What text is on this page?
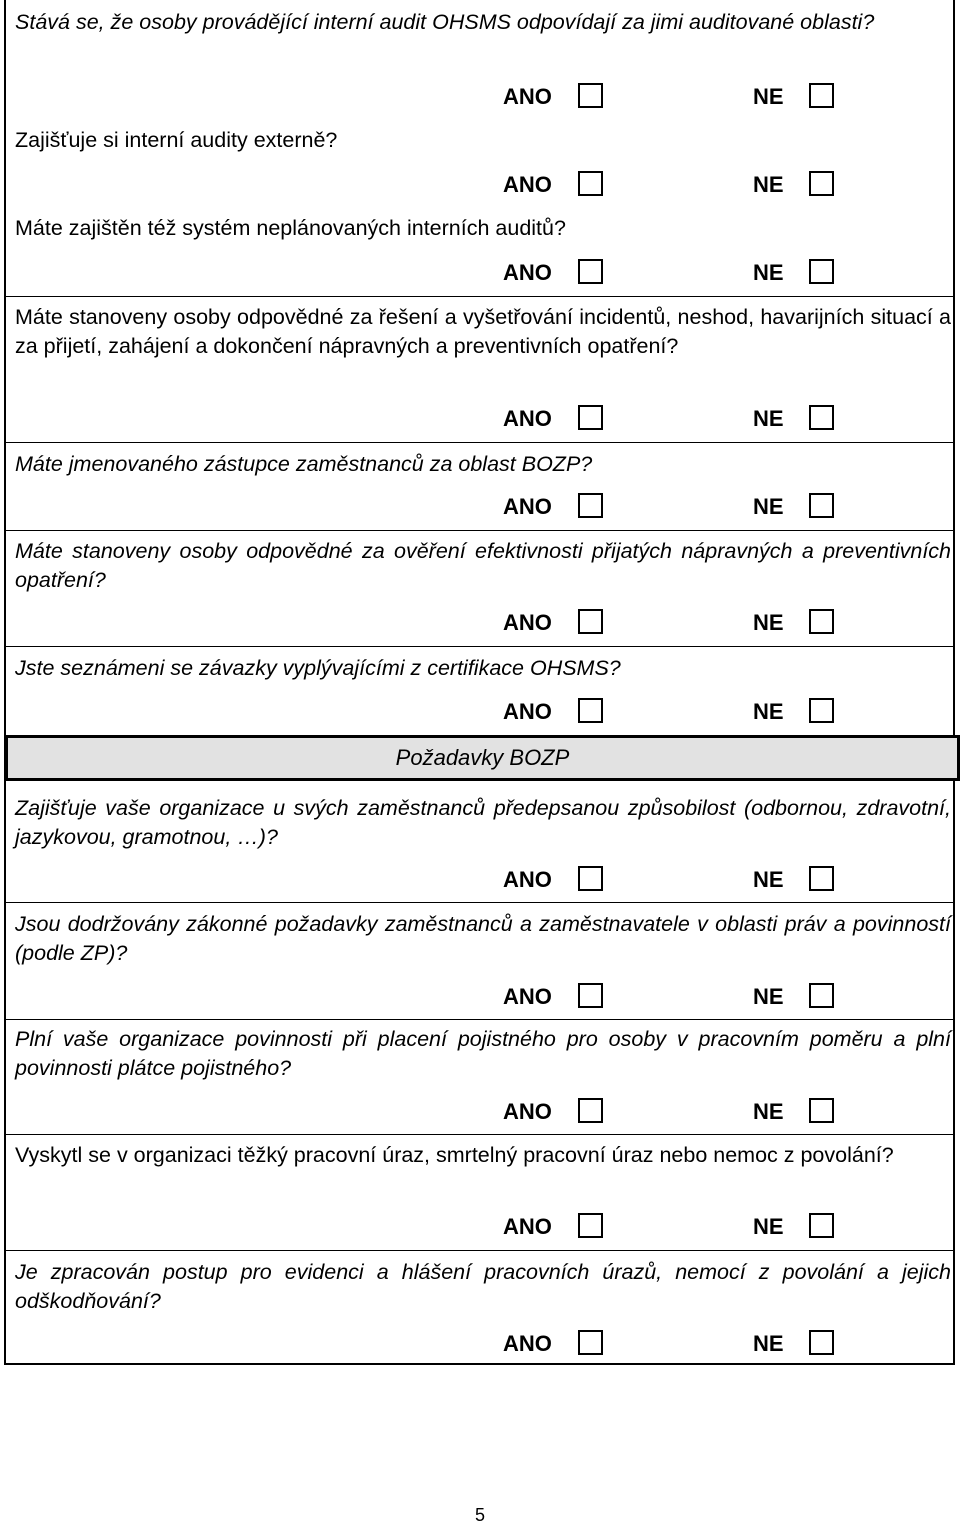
Stává se, že osoby provádějící interní audit OHSMS odpovídají za jimi auditované oblasti?
ANO	NE
Zajišťuje si interní audity externě?
ANO	NE
Máte zajištěn též systém neplánovaných interních auditů?
ANO	NE
Máte stanoveny osoby odpovědné za řešení a vyšetřování incidentů, neshod, havarijních situací a za přijetí, zahájení a dokončení nápravných a preventivních opatření?
ANO	NE
Máte jmenovaného zástupce zaměstnanců za oblast BOZP?
ANO	NE
Máte stanoveny osoby odpovědné za ověření efektivnosti přijatých nápravných a preventivních opatření?
ANO	NE
Jste seznámeni se závazky vyplývajícími z certifikace OHSMS?
ANO	NE
Požadavky BOZP
Zajišťuje vaše organizace u svých zaměstnanců předepsanou způsobilost (odbornou, zdravotní, jazykovou, gramotnou, …)?
ANO	NE
Jsou dodržovány zákonné požadavky zaměstnanců a zaměstnavatele v oblasti práv a povinností (podle ZP)?
ANO	NE
Plní vaše organizace povinnosti při placení pojistného pro osoby v pracovním poměru a plní povinnosti plátce pojistného?
ANO	NE
Vyskytl se v organizaci těžký pracovní úraz, smrtelný pracovní úraz nebo nemoc z povolání?
ANO	NE
Je zpracován postup pro evidenci a hlášení pracovních úrazů, nemocí z povolání a jejich odškodňování?
ANO	NE
5
